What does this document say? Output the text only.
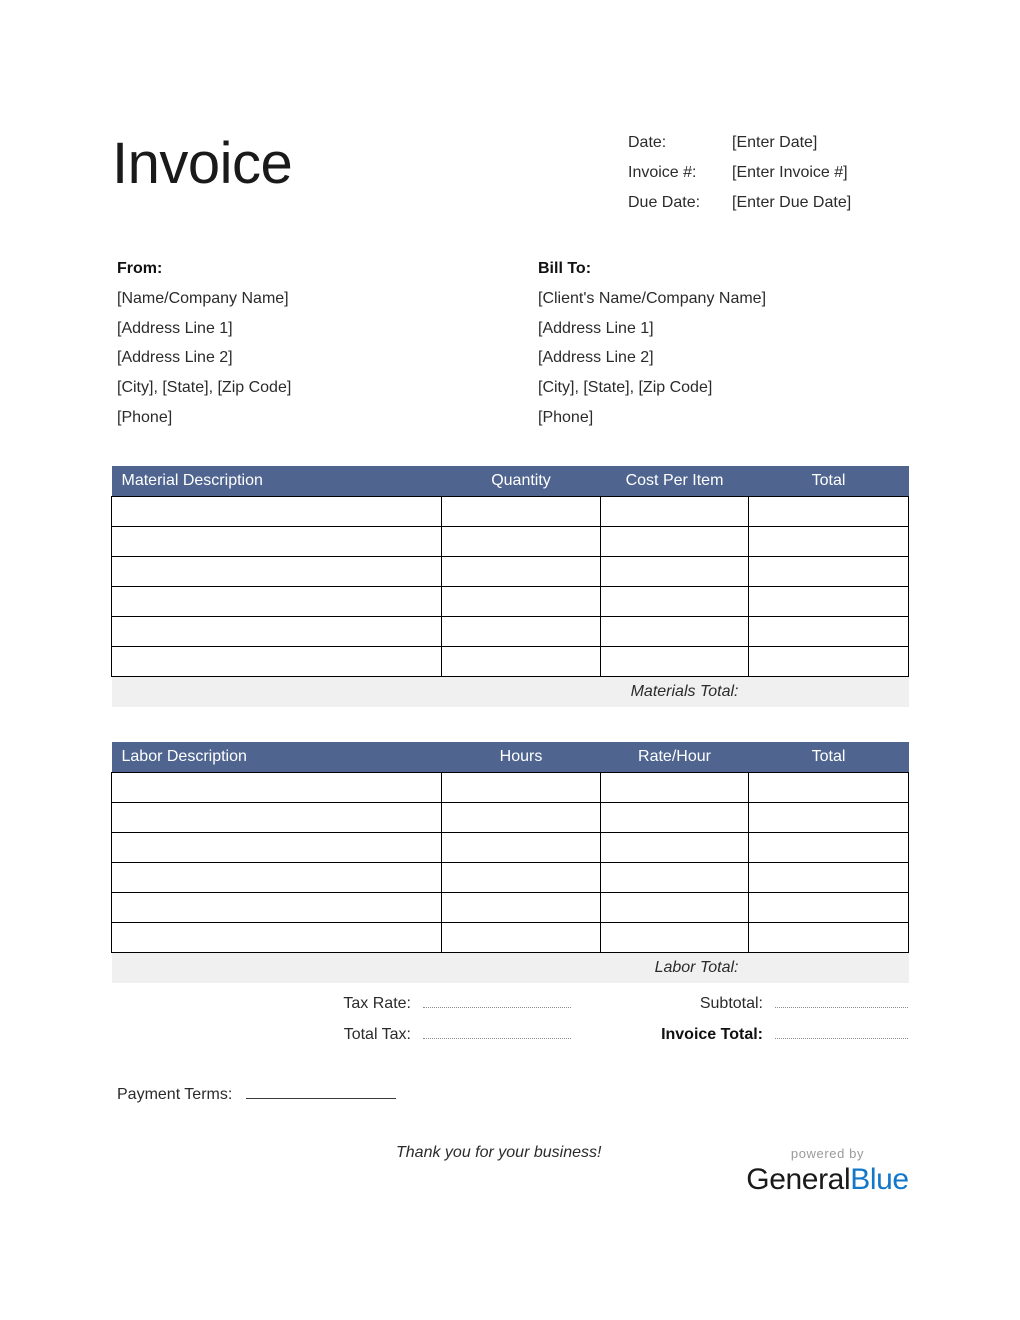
Invoice	Date:	[Enter Date]
Invoice #:	[Enter Invoice #]
Due Date:	[Enter Due Date]
From:
[Name/Company Name]
[Address Line 1]
[Address Line 2]
[City], [State], [Zip Code]
[Phone]
Bill To:
[Client's Name/Company Name]
[Address Line 1]
[Address Line 2]
[City], [State], [Zip Code]
[Phone]
Material Description	Quantity	Cost Per Item	Total

Materials Total:			
Labor Description	Hours	Rate/Hour	Total

Labor Total:			
Tax Rate:	Subtotal:
Total Tax:	Invoice Total:
Payment Terms:
Thank you for your business!	powered by
GeneralBlue
